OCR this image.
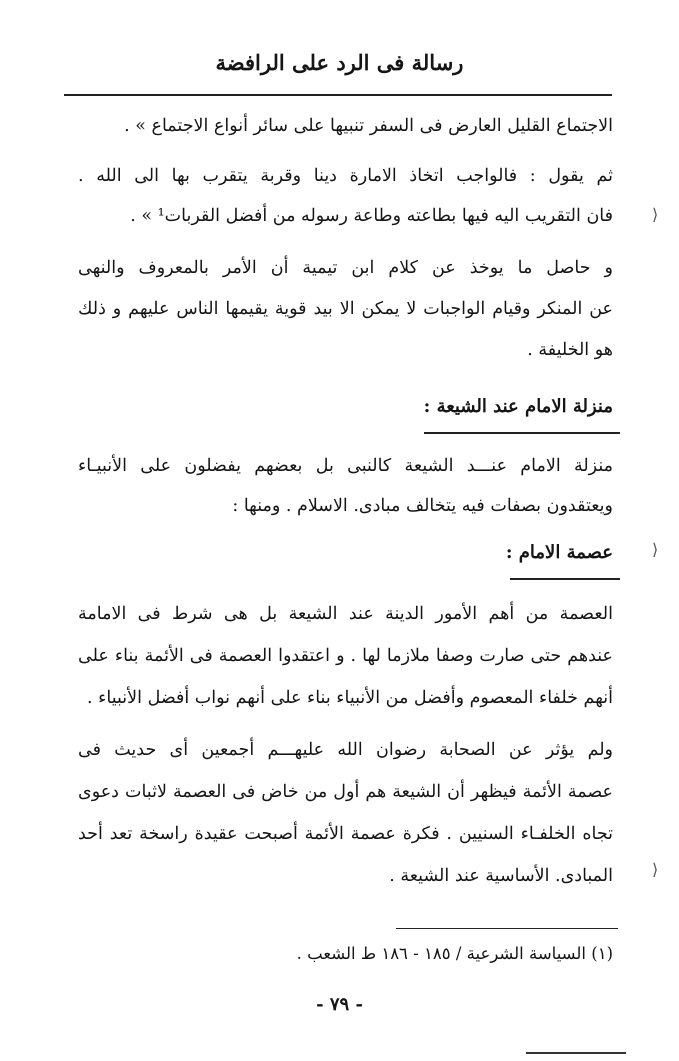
رسالة فى الرد على الرافضة
الاجتماع القليل العارض فى السفر تنبيها على سائر أنواع الاجتماع » .
ثم يقول : فالواجب اتخاذ الامارة دينا وقربة يتقرب بها الى الله .
فان التقريب اليه فيها بطاعته وطاعة رسوله من أفضل القربات¹ » .
و حاصل ما يوخذ عن كلام ابن تيمية أن الأمر بالمعروف والنهى
عن المنكر وقيام الواجبات لا يمكن الا بيد قوية يقيمها الناس عليهم و ذلك
هو الخليفة .
منزلة الامام عند الشيعة :
منزلة الامام عنـــد الشيعة كالنبى بل بعضهم يفضلون على الأنبيـاء
ويعتقدون بصفات فيه يتخالف مبادى. الاسلام . ومنها :
عصمة الامام :
العصمة من أهم الأمور الدينة عند الشيعة بل هى شرط فى الامامة
عندهم حتى صارت وصفا ملازما لها . و اعتقدوا العصمة فى الأئمة بناء على
أنهم خلفاء المعصوم وأفضل من الأنبياء بناء على أنهم نواب أفضل الأنبياء .
ولم يؤثر عن الصحابة رضوان الله عليهـــم أجمعين أى حديث فى
عصمة الأئمة فيظهر أن الشيعة هم أول من خاض فى العصمة لاثبات دعوى
تجاه الخلفـاء السنيين . فكرة عصمة الأئمة أصبحت عقيدة راسخة تعد أحد
المبادى. الأساسية عند الشيعة .
(١) السياسة الشرعية / ١٨٥ - ١٨٦ ط الشعب .
- ٧٩ -
⟩
⟩
⟩
